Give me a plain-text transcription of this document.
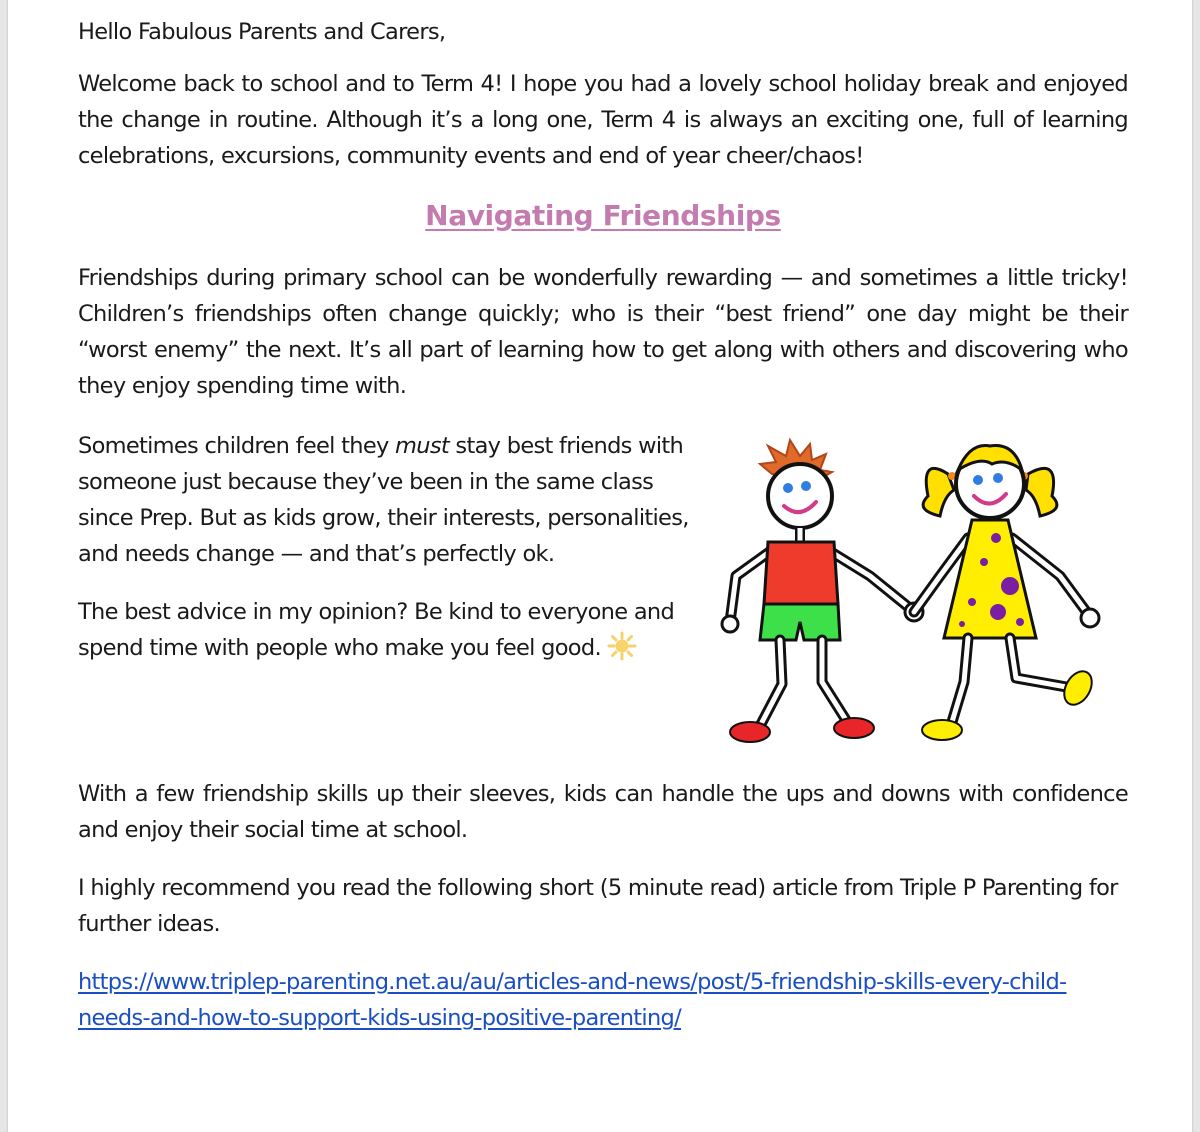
Hello Fabulous Parents and Carers,

Welcome back to school and to Term 4! I hope you had a lovely school holiday break and enjoyed the change in routine. Although it’s a long one, Term 4 is always an exciting one, full of learning celebrations, excursions, community events and end of year cheer/chaos!

Navigating Friendships

Friendships during primary school can be wonderfully rewarding — and sometimes a little tricky! Children’s friendships often change quickly; who is their “best friend” one day might be their “worst enemy” the next. It’s all part of learning how to get along with others and discovering who they enjoy spending time with.

Sometimes children feel they must stay best friends with someone just because they’ve been in the same class since Prep. But as kids grow, their interests, personalities, and needs change — and that’s perfectly ok.

The best advice in my opinion? Be kind to everyone and spend time with people who make you feel good.

With a few friendship skills up their sleeves, kids can handle the ups and downs with confidence and enjoy their social time at school.

I highly recommend you read the following short (5 minute read) article from Triple P Parenting for further ideas.

https://www.triplep-parenting.net.au/au/articles-and-news/post/5-friendship-skills-every-child-needs-and-how-to-support-kids-using-positive-parenting/
